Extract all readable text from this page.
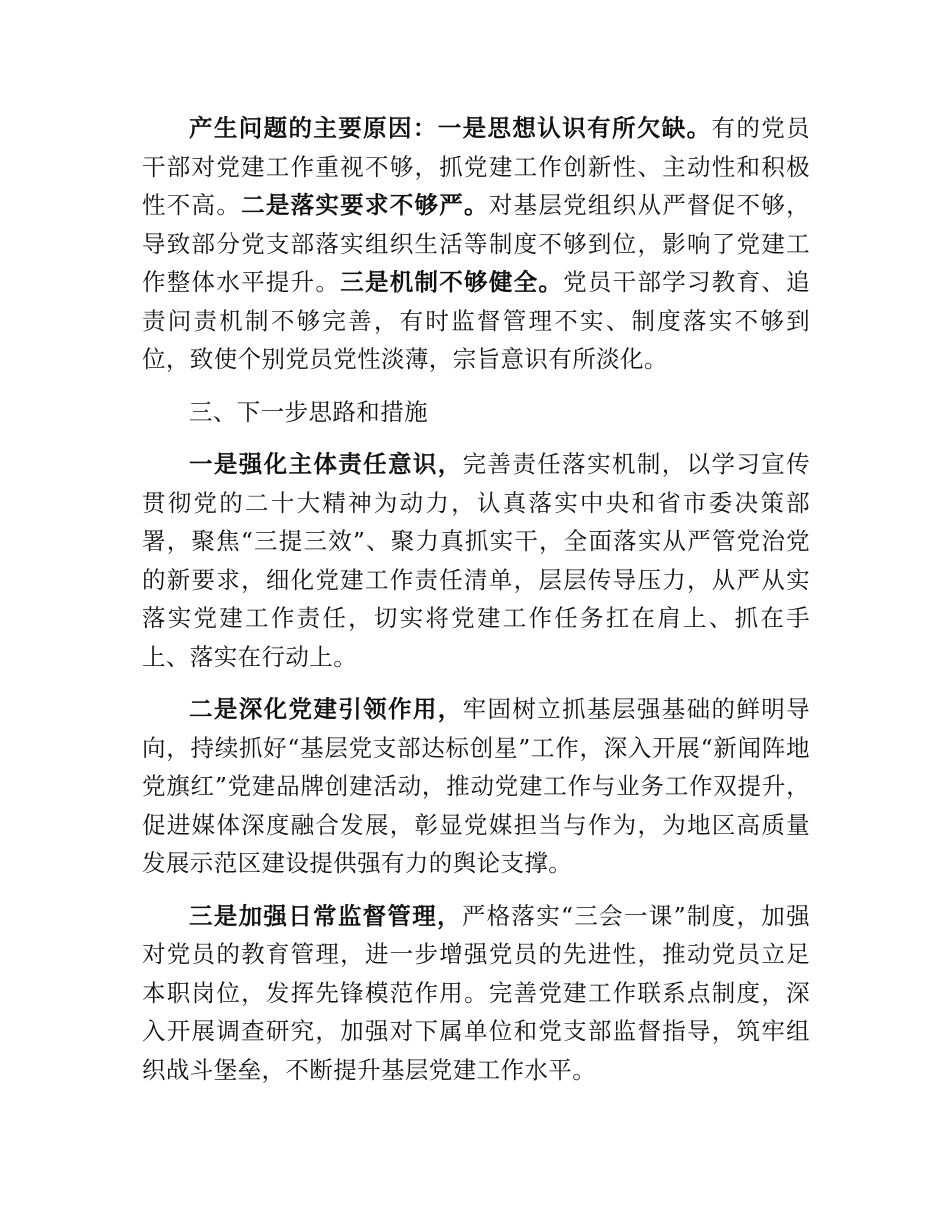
产生问题的主要原因：一是思想认识有所欠缺。有的党员干部对党建工作重视不够，抓党建工作创新性、主动性和积极性不高。二是落实要求不够严。对基层党组织从严督促不够，导致部分党支部落实组织生活等制度不够到位，影响了党建工作整体水平提升。三是机制不够健全。党员干部学习教育、追责问责机制不够完善，有时监督管理不实、制度落实不够到位，致使个别党员党性淡薄，宗旨意识有所淡化。

三、下一步思路和措施

一是强化主体责任意识，完善责任落实机制，以学习宣传贯彻党的二十大精神为动力，认真落实中央和省市委决策部署，聚焦“三提三效”、聚力真抓实干，全面落实从严管党治党的新要求，细化党建工作责任清单，层层传导压力，从严从实落实党建工作责任，切实将党建工作任务扛在肩上、抓在手上、落实在行动上。

二是深化党建引领作用，牢固树立抓基层强基础的鲜明导向，持续抓好“基层党支部达标创星”工作，深入开展“新闻阵地党旗红”党建品牌创建活动，推动党建工作与业务工作双提升，促进媒体深度融合发展，彰显党媒担当与作为，为地区高质量发展示范区建设提供强有力的舆论支撑。

三是加强日常监督管理，严格落实“三会一课”制度，加强对党员的教育管理，进一步增强党员的先进性，推动党员立足本职岗位，发挥先锋模范作用。完善党建工作联系点制度，深入开展调查研究，加强对下属单位和党支部监督指导，筑牢组织战斗堡垒，不断提升基层党建工作水平。
